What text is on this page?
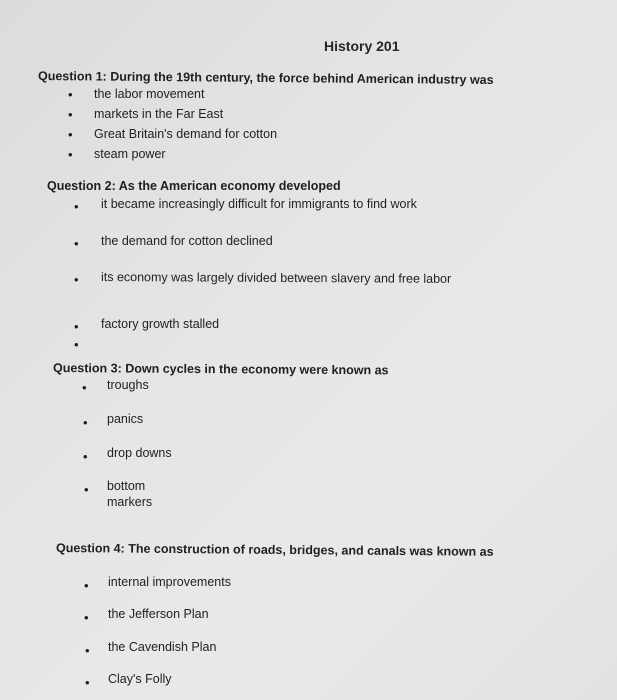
History 201
Question 1: During the 19th century, the force behind American industry was
• the labor movement
• markets in the Far East
• Great Britain's demand for cotton
• steam power
Question 2: As the American economy developed
• it became increasingly difficult for immigrants to find work
• the demand for cotton declined
• its economy was largely divided between slavery and free labor
• factory growth stalled
•
Question 3: Down cycles in the economy were known as
• troughs
• panics
• drop downs
• bottom markers
Question 4: The construction of roads, bridges, and canals was known as
• internal improvements
• the Jefferson Plan
• the Cavendish Plan
• Clay's Folly
